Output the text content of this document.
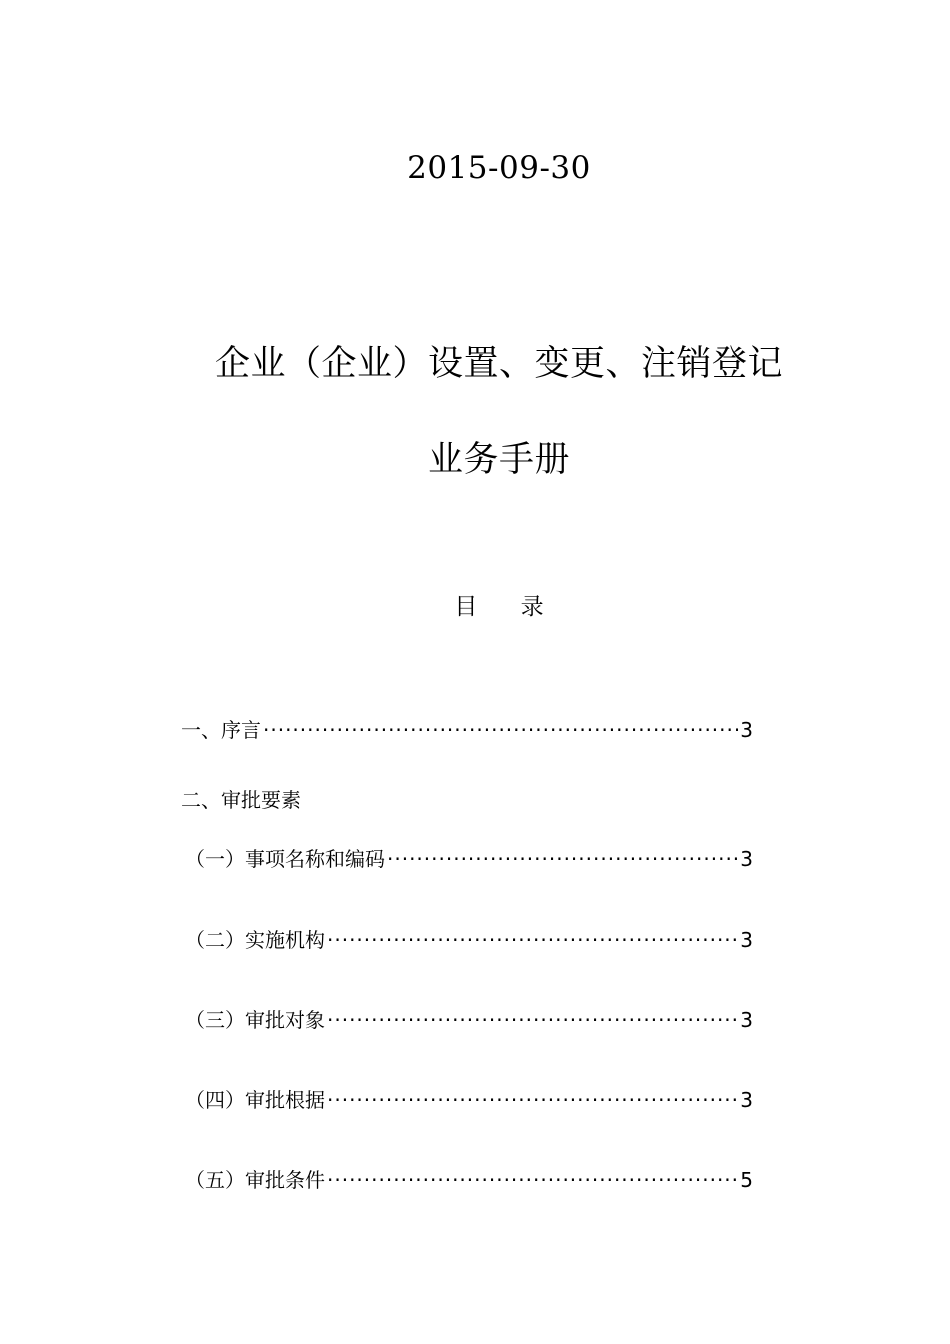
2015-09-30
企业（企业）设置、变更、注销登记
业务手册
目 录
一、序言 ·····	3
二、审批要素
（一）事项名称和编码 ·····	3
（二）实施机构 ·····	3
（三）审批对象 ·····	3
（四）审批根据 ·····	3
（五）审批条件 ·····	5
